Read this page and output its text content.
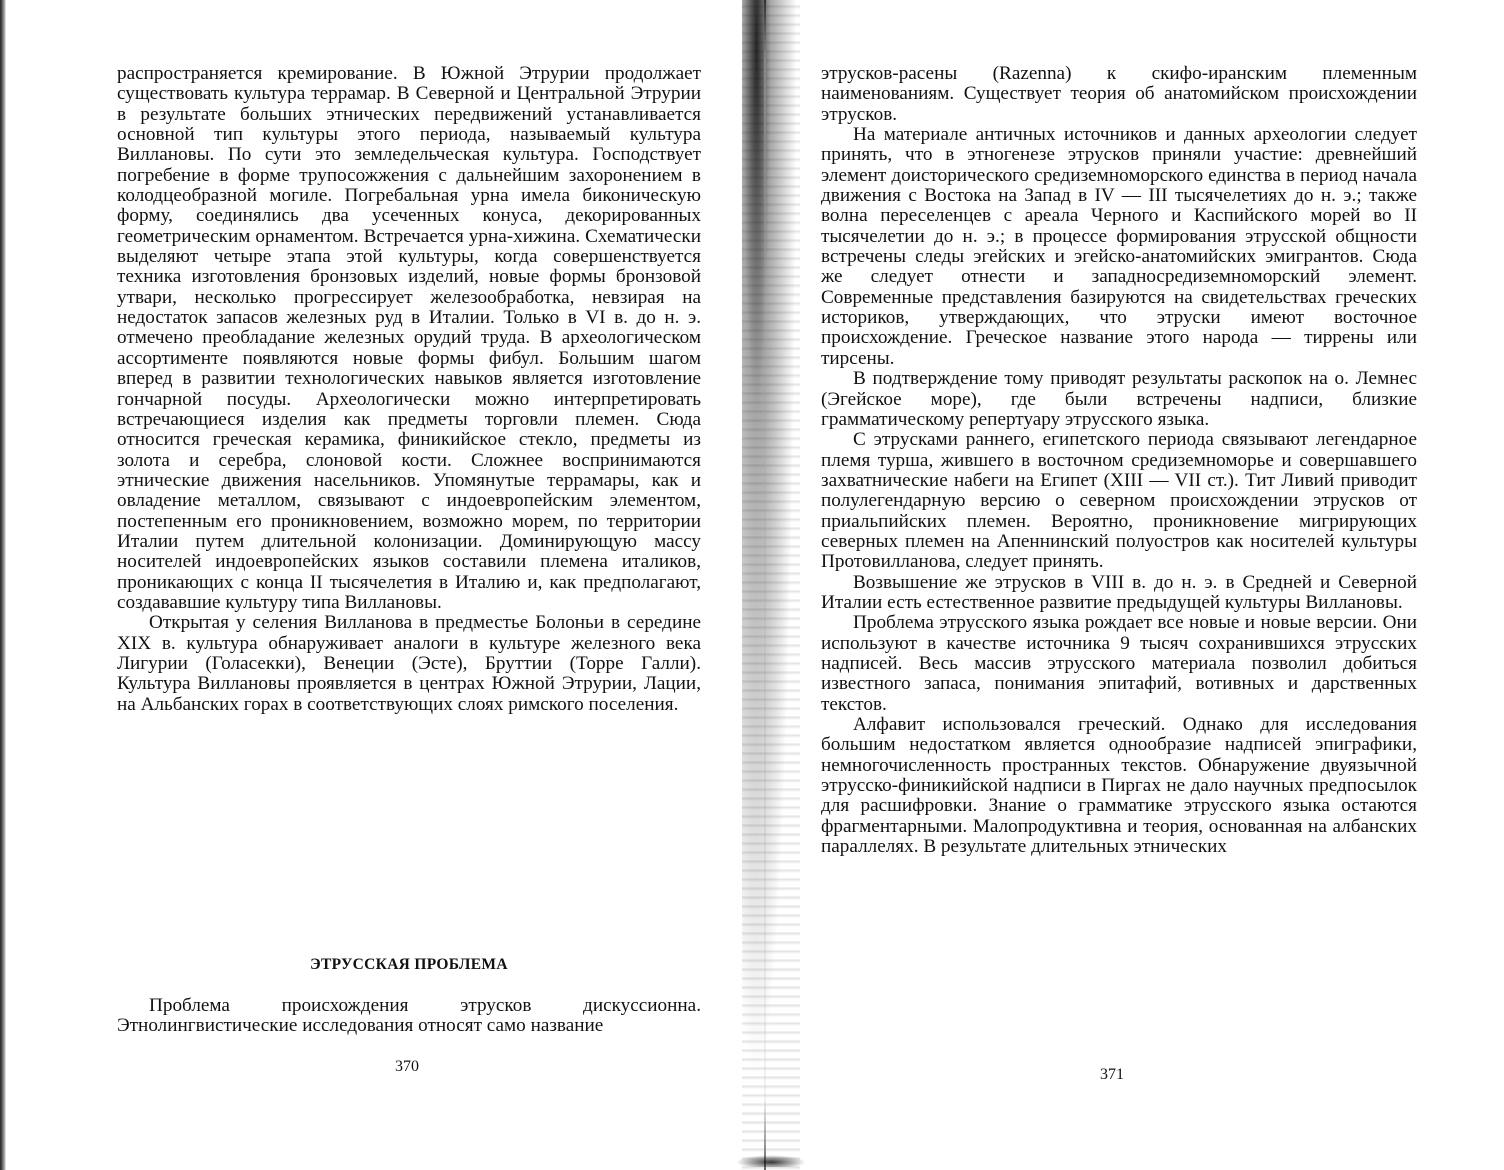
распространяется кремирование. В Южной Этрурии продолжает существовать культура террамар. В Северной и Центральной Этрурии в результате больших этнических передвижений устанавливается основной тип культуры этого периода, называемый культура Виллановы. По сути это земледельческая культура. Господствует погребение в форме трупосожжения с дальнейшим захоронением в колодцеобразной могиле. Погребальная урна имела биконическую форму, соединялись два усеченных конуса, декорированных геометрическим орнаментом. Встречается урна-хижина. Схематически выделяют четыре этапа этой культуры, когда совершенствуется техника изготовления бронзовых изделий, новые формы бронзовой утвари, несколько прогрессирует железообработка, невзирая на недостаток запасов железных руд в Италии. Только в VI в. до н. э. отмечено преобладание железных орудий труда. В археологическом ассортименте появляются новые формы фибул. Большим шагом вперед в развитии технологических навыков является изготовление гончарной посуды. Археологически можно интерпретировать встречающиеся изделия как предметы торговли племен. Сюда относится греческая керамика, финикийское стекло, предметы из золота и серебра, слоновой кости. Сложнее воспринимаются этнические движения насельников. Упомянутые террамары, как и овладение металлом, связывают с индоевропейским элементом, постепенным его проникновением, возможно морем, по территории Италии путем длительной колонизации. Доминирующую массу носителей индоевропейских языков составили племена италиков, проникающих с конца II тысячелетия в Италию и, как предполагают, создававшие культуру типа Виллановы.

Открытая у селения Вилланова в предместье Болоньи в середине XIX в. культура обнаруживает аналоги в культуре железного века Лигурии (Голасекки), Венеции (Эсте), Бруттии (Торре Галли). Культура Виллановы проявляется в центрах Южной Этрурии, Лации, на Альбанских горах в соответствующих слоях римского поселения.

ЭТРУССКАЯ ПРОБЛЕМА

Проблема происхождения этрусков дискуссионна. Этнолингвистические исследования относят само название

370

этрусков-расены (Razenna) к скифо-иранским племенным наименованиям. Существует теория об анатомийском происхождении этрусков.

На материале античных источников и данных археологии следует принять, что в этногенезе этрусков приняли участие: древнейший элемент доисторического средиземноморского единства в период начала движения с Востока на Запад в IV — III тысячелетиях до н. э.; также волна переселенцев с ареала Черного и Каспийского морей во II тысячелетии до н. э.; в процессе формирования этрусской общности встречены следы эгейских и эгейско-анатомийских эмигрантов. Сюда же следует отнести и западносредиземноморский элемент. Современные представления базируются на свидетельствах греческих историков, утверждающих, что этруски имеют восточное происхождение. Греческое название этого народа — тиррены или тирсены.

В подтверждение тому приводят результаты раскопок на о. Лемнес (Эгейское море), где были встречены надписи, близкие грамматическому репертуару этрусского языка.

С этрусками раннего, египетского периода связывают легендарное племя турша, жившего в восточном средиземноморье и совершавшего захватнические набеги на Египет (XIII — VII ст.). Тит Ливий приводит полулегендарную версию о северном происхождении этрусков от приальпийских племен. Вероятно, проникновение мигрирующих северных племен на Апеннинский полуостров как носителей культуры Протовилланова, следует принять.

Возвышение же этрусков в VIII в. до н. э. в Средней и Северной Италии есть естественное развитие предыдущей культуры Виллановы.

Проблема этрусского языка рождает все новые и новые версии. Они используют в качестве источника 9 тысяч сохранившихся этрусских надписей. Весь массив этрусского материала позволил добиться известного запаса, понимания эпитафий, вотивных и дарственных текстов.

Алфавит использовался греческий. Однако для исследования большим недостатком является однообразие надписей эпиграфики, немногочисленность пространных текстов. Обнаружение двуязычной этрусско-финикийской надписи в Пиргах не дало научных предпосылок для расшифровки. Знание о грамматике этрусского языка остаются фрагментарными. Малопродуктивна и теория, основанная на албанских параллелях. В результате длительных этнических

371
